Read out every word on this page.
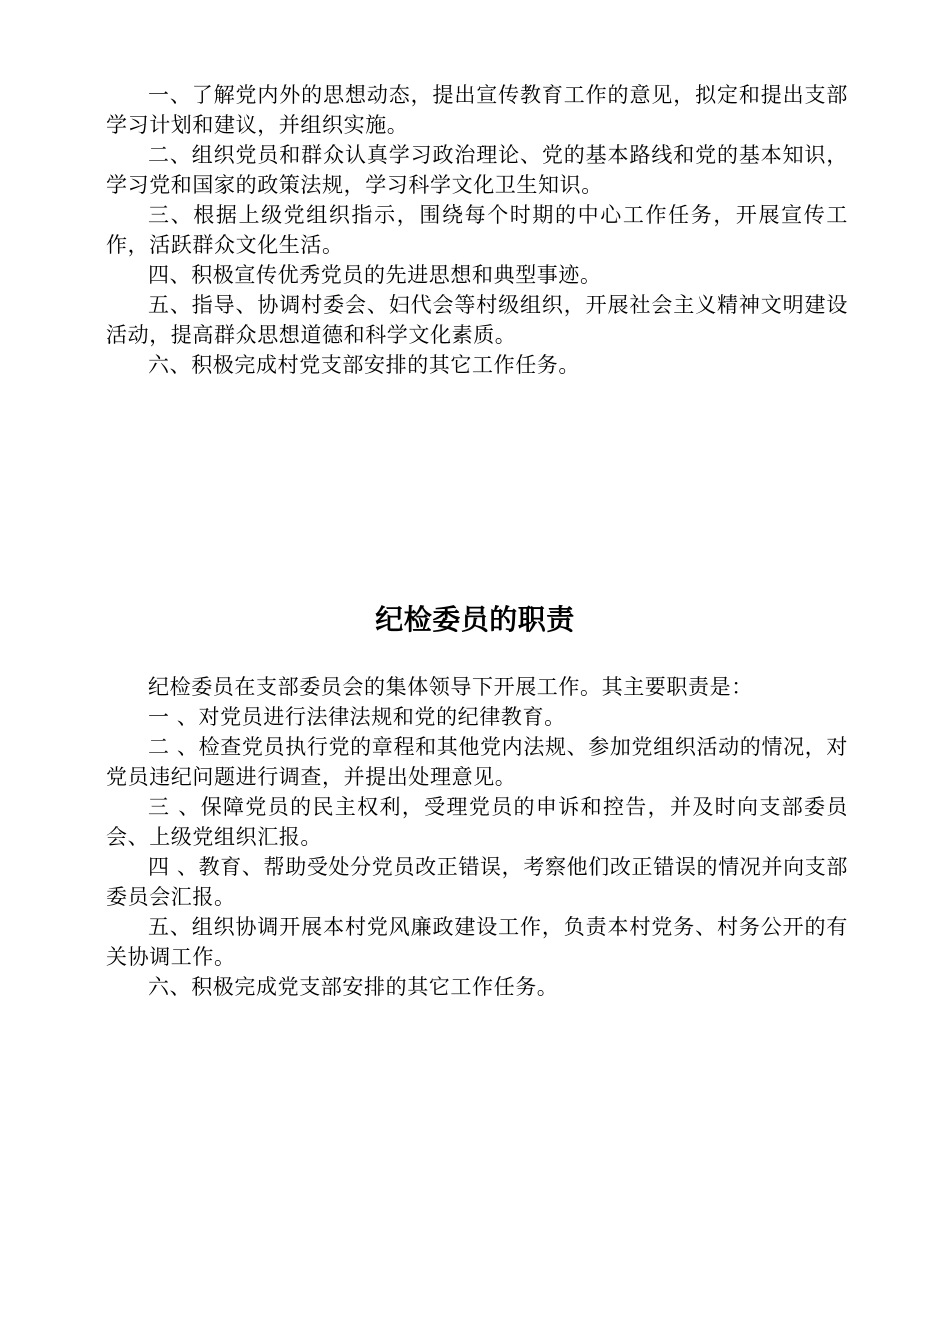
一、了解党内外的思想动态，提出宣传教育工作的意见，拟定和提出支部学习计划和建议，并组织实施。

二、组织党员和群众认真学习政治理论、党的基本路线和党的基本知识，学习党和国家的政策法规，学习科学文化卫生知识。

三、根据上级党组织指示，围绕每个时期的中心工作任务，开展宣传工作，活跃群众文化生活。

四、积极宣传优秀党员的先进思想和典型事迹。

五、指导、协调村委会、妇代会等村级组织，开展社会主义精神文明建设活动，提高群众思想道德和科学文化素质。

六、积极完成村党支部安排的其它工作任务。

纪检委员的职责

纪检委员在支部委员会的集体领导下开展工作。其主要职责是：

一 、对党员进行法律法规和党的纪律教育。

二 、检查党员执行党的章程和其他党内法规、参加党组织活动的情况，对党员违纪问题进行调查，并提出处理意见。

三 、保障党员的民主权利，受理党员的申诉和控告，并及时向支部委员会、上级党组织汇报。

四 、教育、帮助受处分党员改正错误，考察他们改正错误的情况并向支部委员会汇报。

五、组织协调开展本村党风廉政建设工作，负责本村党务、村务公开的有关协调工作。

六、积极完成党支部安排的其它工作任务。
